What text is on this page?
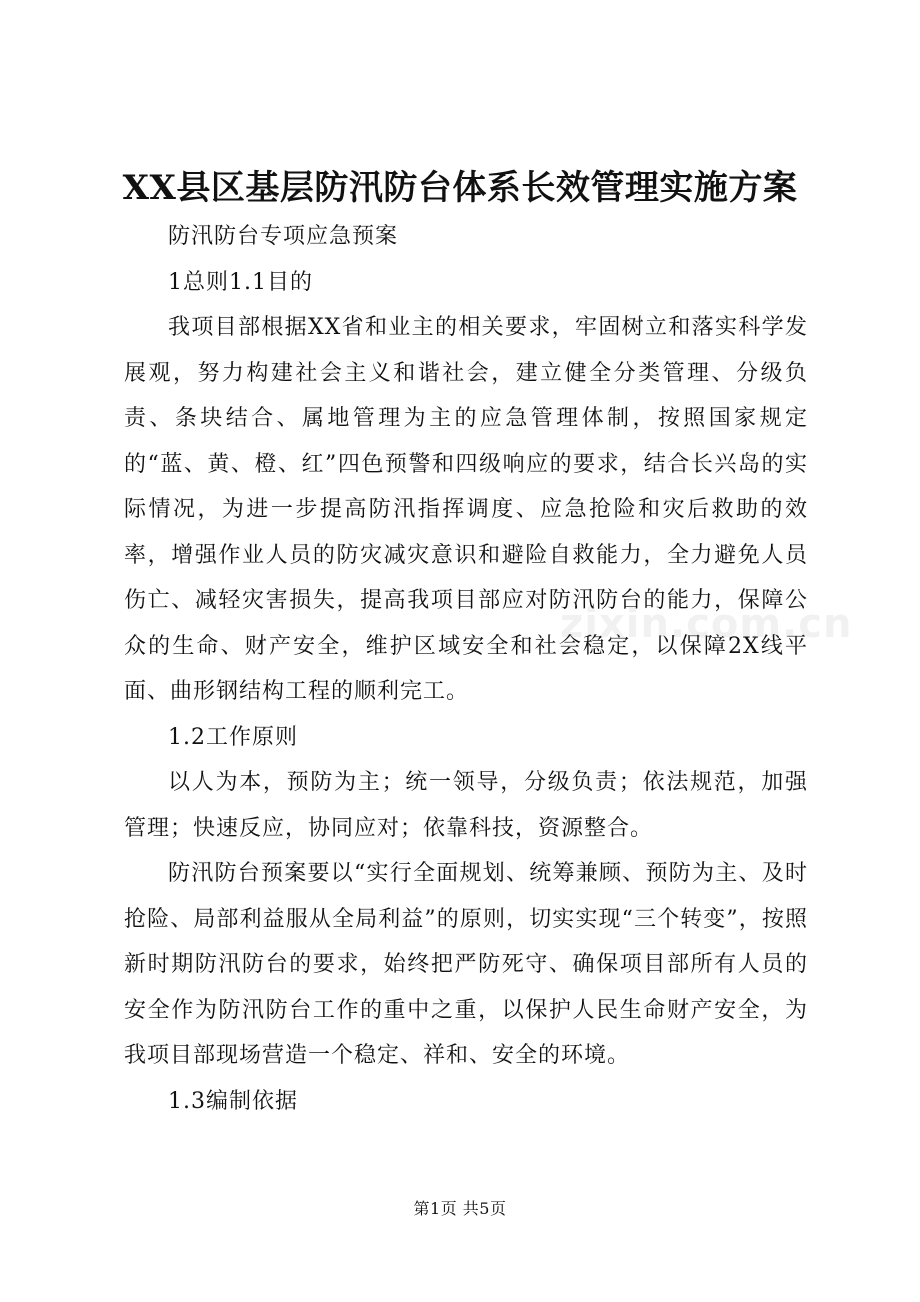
XX县区基层防汛防台体系长效管理实施方案

防汛防台专项应急预案

1总则1.1目的

我项目部根据XX省和业主的相关要求，牢固树立和落实科学发展观，努力构建社会主义和谐社会，建立健全分类管理、分级负责、条块结合、属地管理为主的应急管理体制，按照国家规定的“蓝、黄、橙、红”四色预警和四级响应的要求，结合长兴岛的实际情况，为进一步提高防汛指挥调度、应急抢险和灾后救助的效率，增强作业人员的防灾减灾意识和避险自救能力，全力避免人员伤亡、减轻灾害损失，提高我项目部应对防汛防台的能力，保障公众的生命、财产安全，维护区域安全和社会稳定，以保障2X线平面、曲形钢结构工程的顺利完工。

1.2工作原则

以人为本，预防为主；统一领导，分级负责；依法规范，加强管理；快速反应，协同应对；依靠科技，资源整合。

防汛防台预案要以“实行全面规划、统筹兼顾、预防为主、及时抢险、局部利益服从全局利益”的原则，切实实现“三个转变”，按照新时期防汛防台的要求，始终把严防死守、确保项目部所有人员的安全作为防汛防台工作的重中之重，以保护人民生命财产安全，为我项目部现场营造一个稳定、祥和、安全的环境。

1.3编制依据

zixin.com.cn
第1页 共5页
